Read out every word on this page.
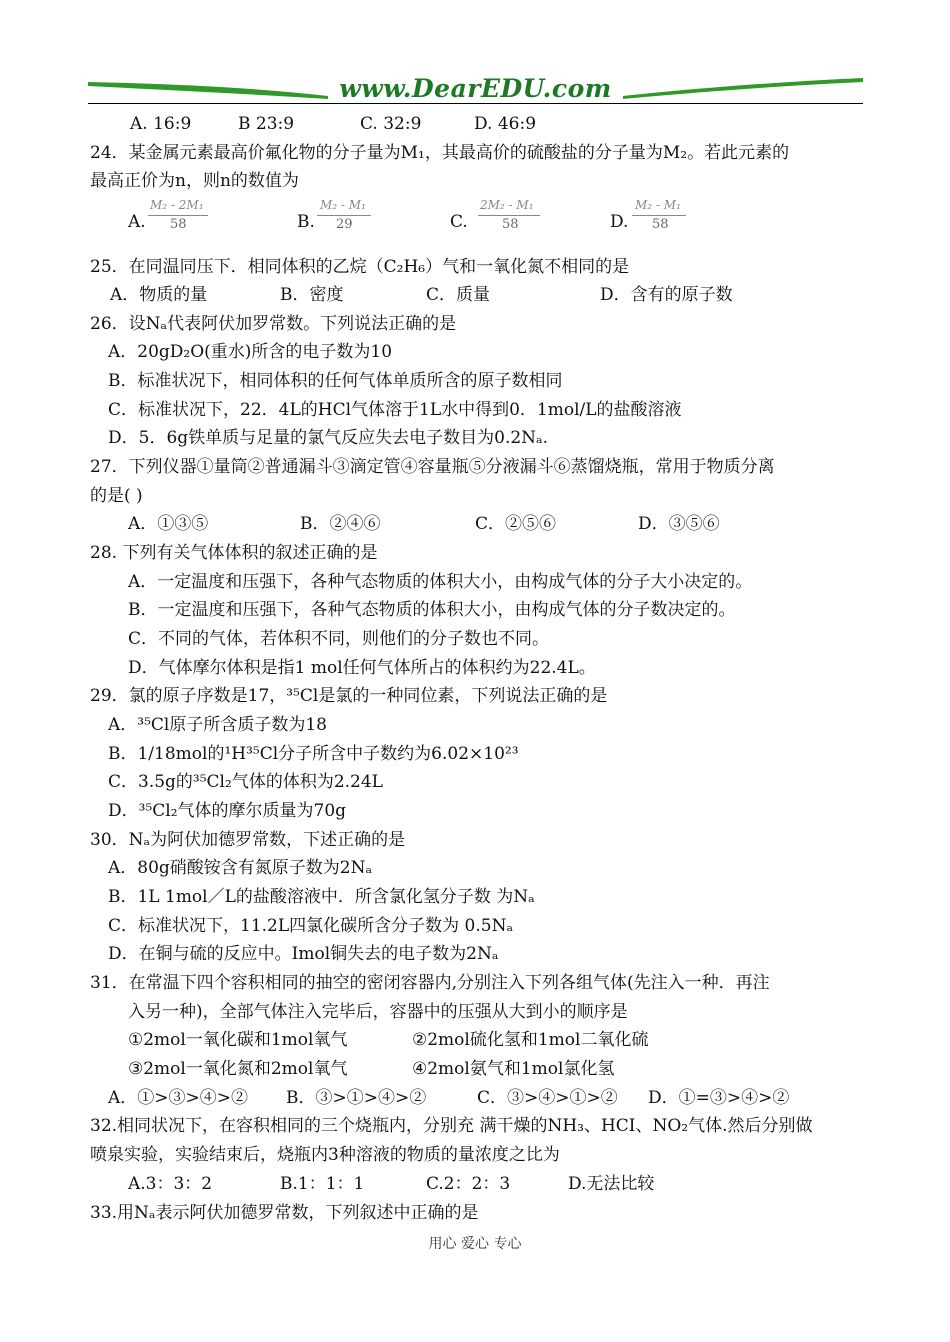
www.DearEDU.com
A. 16:9	B 23:9	C. 32:9	D. 46:9
24．某金属元素最高价氟化物的分子量为M₁，其最高价的硫酸盐的分子量为M₂。若此元素的
最高正价为n，则n的数值为
A.
M₂ - 2M₁
58	B.
M₂ - M₁
29	C.
2M₂ - M₁
58	D.
M₂ - M₁
58
25．在同温同压下．相同体积的乙烷（C₂H₆）气和一氧化氮不相同的是
A．物质的量	B．密度	C．质量	D．含有的原子数
26．设Nₐ代表阿伏加罗常数。下列说法正确的是
A．20gD₂O(重水)所含的电子数为10
B．标准状况下，相同体积的任何气体单质所含的原子数相同
C．标准状况下，22．4L的HCl气体溶于1L水中得到0．1mol/L的盐酸溶液
D．5．6g铁单质与足量的氯气反应失去电子数目为0.2Nₐ.
27．下列仪器①量筒②普通漏斗③滴定管④容量瓶⑤分液漏斗⑥蒸馏烧瓶，常用于物质分离
的是( )
A．①③⑤	B．②④⑥	C．②⑤⑥	D．③⑤⑥
28. 下列有关气体体积的叙述正确的是
A．一定温度和压强下，各种气态物质的体积大小，由构成气体的分子大小决定的。
B．一定温度和压强下，各种气态物质的体积大小，由构成气体的分子数决定的。
C．不同的气体，若体积不同，则他们的分子数也不同。
D．气体摩尔体积是指1 mol任何气体所占的体积约为22.4L。
29．氯的原子序数是17，³⁵Cl是氯的一种同位素，下列说法正确的是
A．³⁵Cl原子所含质子数为18
B．1/18mol的¹H³⁵Cl分子所含中子数约为6.02×10²³
C．3.5g的³⁵Cl₂气体的体积为2.24L
D．³⁵Cl₂气体的摩尔质量为70g
30．Nₐ为阿伏加德罗常数，下述正确的是
A．80g硝酸铵含有氮原子数为2Nₐ
B．1L 1mol／L的盐酸溶液中．所含氯化氢分子数 为Nₐ
C．标准状况下，11.2L四氯化碳所含分子数为 0.5Nₐ
D．在铜与硫的反应中。Imol铜失去的电子数为2Nₐ
31．在常温下四个容积相同的抽空的密闭容器内,分别注入下列各组气体(先注入一种．再注
入另一种)，全部气体注入完毕后，容器中的压强从大到小的顺序是
①2mol一氧化碳和1mol氧气	②2mol硫化氢和1mol二氧化硫
③2mol一氧化氮和2mol氧气	④2mol氨气和1mol氯化氢
A．①>③>④>② B．③>①>④>②	C．③>④>①>② D．①=③>④>②
32.相同状况下，在容积相同的三个烧瓶内，分别充 满干燥的NH₃、HCI、NO₂气体.然后分别做
喷泉实验，实验结束后，烧瓶内3种溶液的物质的量浓度之比为
A.3：3：2	B.1：1：1	C.2：2：3	D.无法比较
33.用Nₐ表示阿伏加德罗常数，下列叙述中正确的是
用心 爱心 专心
